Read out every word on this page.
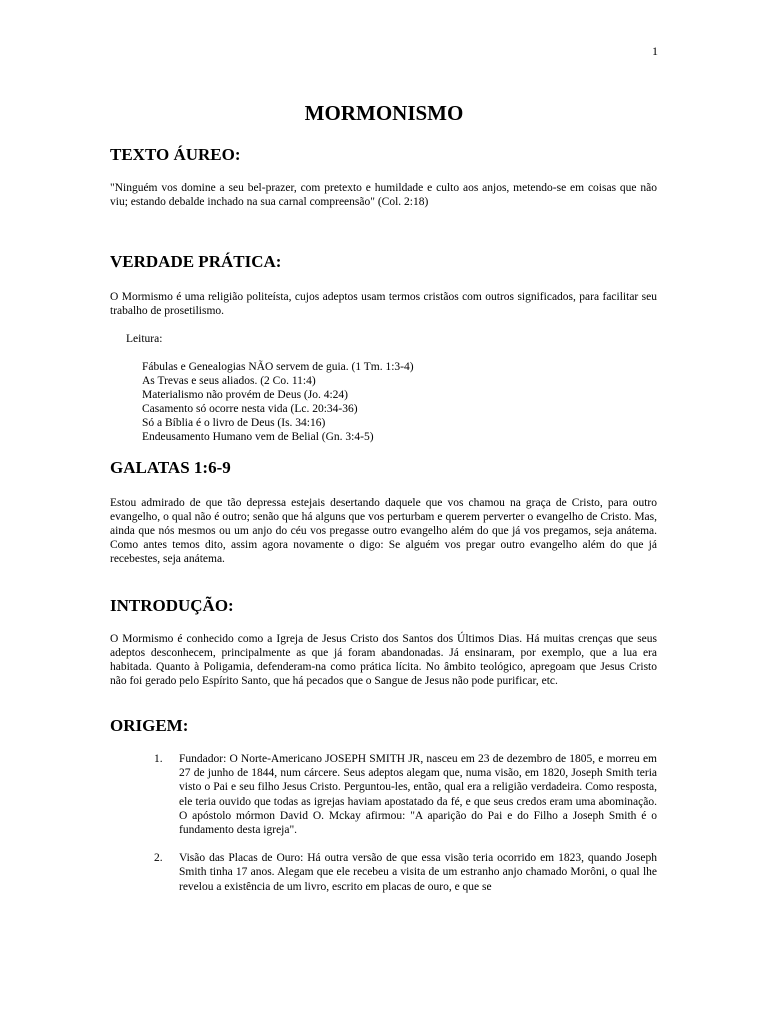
1
MORMONISMO
TEXTO ÁUREO:

"Ninguém vos domine a seu bel-prazer, com pretexto e humildade e culto aos anjos, metendo-se em coisas que não viu; estando debalde inchado na sua carnal compreensão" (Col. 2:18)

VERDADE PRÁTICA:

O Mormismo é uma religião politeísta, cujos adeptos usam termos cristãos com outros significados, para facilitar seu trabalho de prosetilismo.

Leitura:

Fábulas e Genealogias NÃO servem de guia. (1 Tm. 1:3-4)
As Trevas e seus aliados. (2 Co. 11:4)
Materialismo não provém de Deus (Jo. 4:24)
Casamento só ocorre nesta vida (Lc. 20:34-36)
Só a Bíblia é o livro de Deus (Is. 34:16)
Endeusamento Humano vem de Belial (Gn. 3:4-5)
GALATAS 1:6-9

Estou admirado de que tão depressa estejais desertando daquele que vos chamou na graça de Cristo, para outro evangelho, o qual não é outro; senão que há alguns que vos perturbam e querem perverter o evangelho de Cristo. Mas, ainda que nós mesmos ou um anjo do céu vos pregasse outro evangelho além do que já vos pregamos, seja anátema. Como antes temos dito, assim agora novamente o digo: Se alguém vos pregar outro evangelho além do que já recebestes, seja anátema.

INTRODUÇÃO:

O Mormismo é conhecido como a Igreja de Jesus Cristo dos Santos dos Últimos Dias. Há muitas crenças que seus adeptos desconhecem, principalmente as que já foram abandonadas. Já ensinaram, por exemplo, que a lua era habitada. Quanto à Poligamia, defenderam-na como prática lícita. No âmbito teológico, apregoam que Jesus Cristo não foi gerado pelo Espírito Santo, que há pecados que o Sangue de Jesus não pode purificar, etc.

ORIGEM:
1. Fundador: O Norte-Americano JOSEPH SMITH JR, nasceu em 23 de dezembro de 1805, e morreu em 27 de junho de 1844, num cárcere. Seus adeptos alegam que, numa visão, em 1820, Joseph Smith teria visto o Pai e seu filho Jesus Cristo. Perguntou-les, então, qual era a religião verdadeira. Como resposta, ele teria ouvido que todas as igrejas haviam apostatado da fé, e que seus credos eram uma abominação. O apóstolo mórmon David O. Mckay afirmou: "A aparição do Pai e do Filho a Joseph Smith é o fundamento desta igreja".
2. Visão das Placas de Ouro: Há outra versão de que essa visão teria ocorrido em 1823, quando Joseph Smith tinha 17 anos. Alegam que ele recebeu a visita de um estranho anjo chamado Morôni, o qual lhe revelou a existência de um livro, escrito em placas de ouro, e que se
